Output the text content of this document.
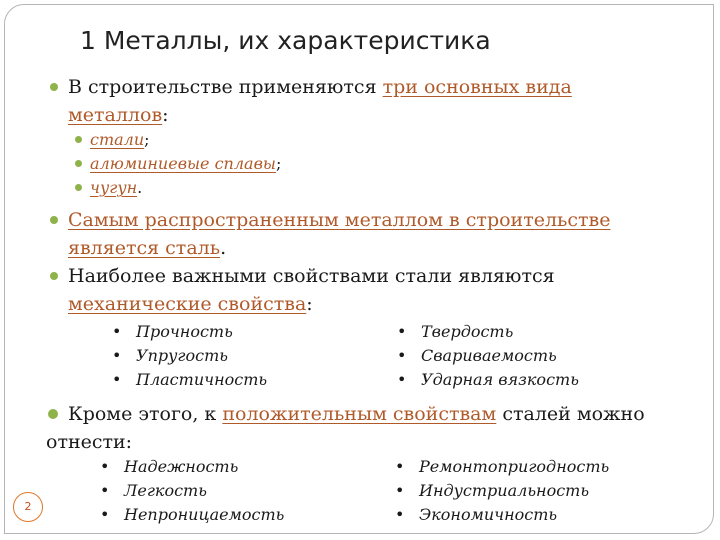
1 Металлы, их характеристика
В строительстве применяются три основных вида
металлов:
стали;
алюминиевые сплавы;
чугун.
Самым распространенным металлом в строительстве
является сталь.
Наиболее важными свойствами стали являются
механические свойства:
• Прочность
• Упругость
• Пластичность
• Твердость
• Свариваемость
• Ударная вязкость
Кроме этого, к положительным свойствам сталей можно
отнести:
• Надежность
• Легкость
• Непроницаемость
• Ремонтопригодность
• Индустриальность
• Экономичность
2
